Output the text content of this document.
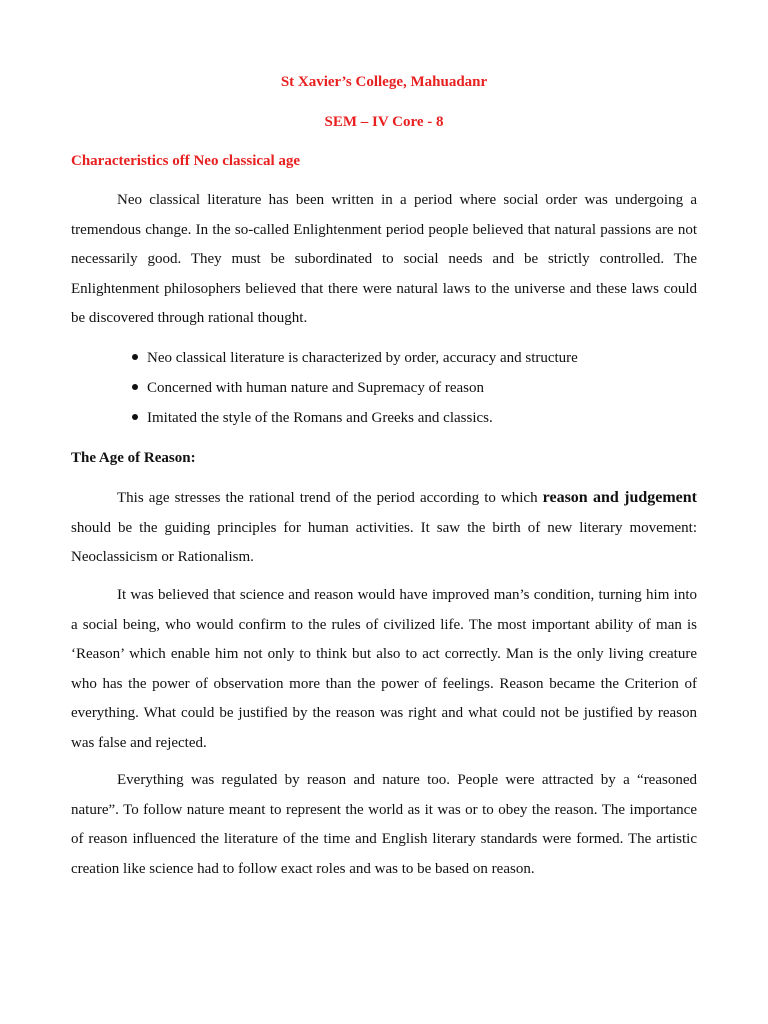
St Xavier’s College, Mahuadanr
SEM – IV Core - 8
Characteristics off Neo classical age

Neo classical literature has been written in a period where social order was undergoing a tremendous change. In the so-called Enlightenment period people believed that natural passions are not necessarily good. They must be subordinated to social needs and be strictly controlled. The Enlightenment philosophers believed that there were natural laws to the universe and these laws could be discovered through rational thought.

Neo classical literature is characterized by order, accuracy and structure
Concerned with human nature and Supremacy of reason
Imitated the style of the Romans and Greeks and classics.
The Age of Reason:

This age stresses the rational trend of the period according to which reason and judgement should be the guiding principles for human activities. It saw the birth of new literary movement: Neoclassicism or Rationalism.

It was believed that science and reason would have improved man’s condition, turning him into a social being, who would confirm to the rules of civilized life. The most important ability of man is ‘Reason’ which enable him not only to think but also to act correctly. Man is the only living creature who has the power of observation more than the power of feelings. Reason became the Criterion of everything. What could be justified by the reason was right and what could not be justified by reason was false and rejected.

Everything was regulated by reason and nature too. People were attracted by a “reasoned nature”. To follow nature meant to represent the world as it was or to obey the reason. The importance of reason influenced the literature of the time and English literary standards were formed. The artistic creation like science had to follow exact roles and was to be based on reason.
